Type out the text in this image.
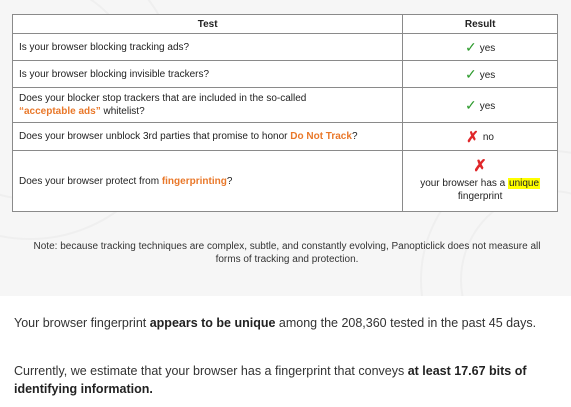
Test	Result
Is your browser blocking tracking ads?	✓ yes
Is your browser blocking invisible trackers?	✓ yes
Does your blocker stop trackers that are included in the so-called
“acceptable ads” whitelist?	✓ yes
Does your browser unblock 3rd parties that promise to honor Do Not Track?	✗ no
Does your browser protect from fingerprinting?	✗
your browser has a unique
fingerprint
Note: because tracking techniques are complex, subtle, and constantly evolving, Panopticlick does not measure all forms of tracking and protection.

Your browser fingerprint appears to be unique among the 208,360 tested in the past 45 days.

Currently, we estimate that your browser has a fingerprint that conveys at least 17.67 bits of identifying information.
